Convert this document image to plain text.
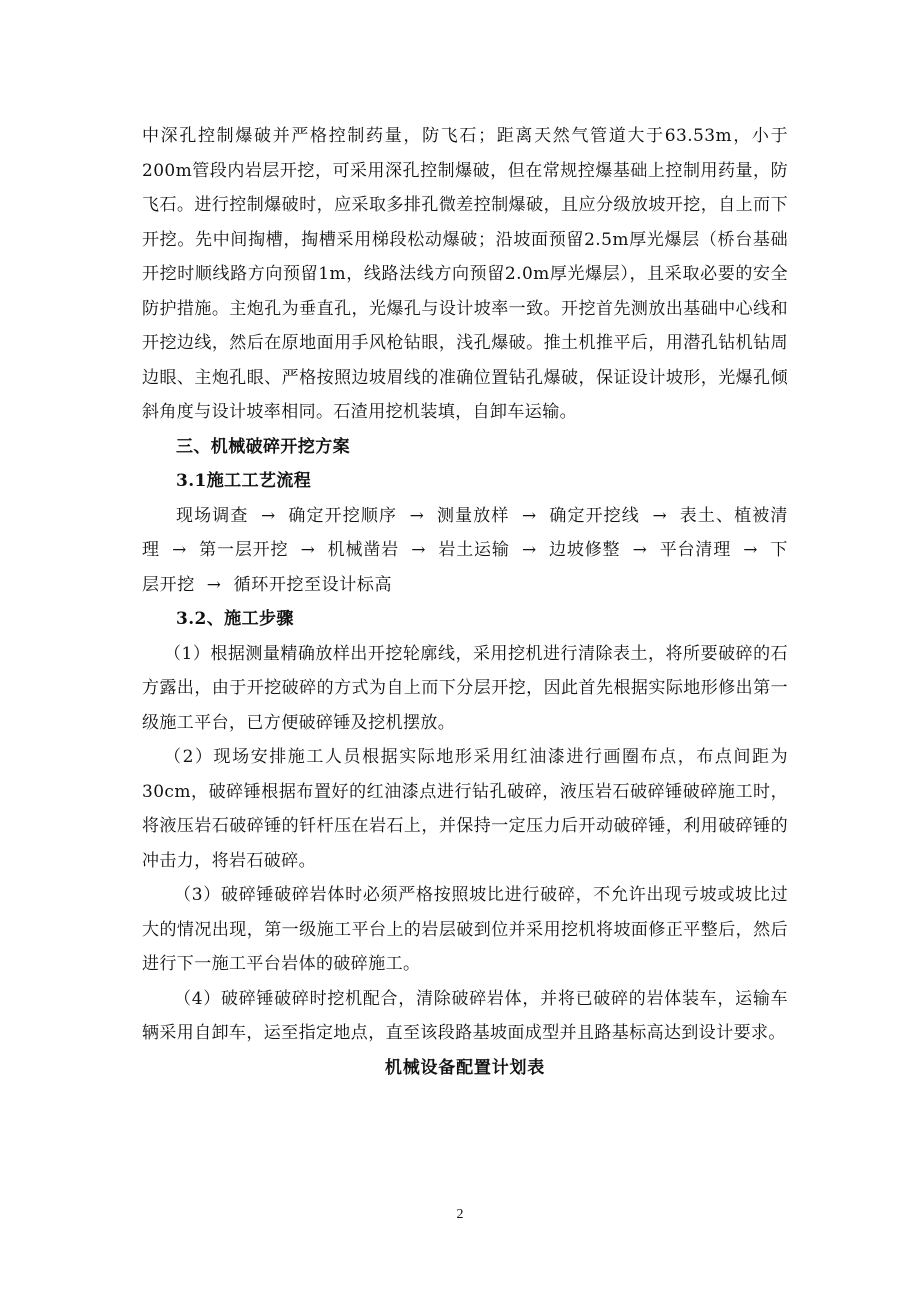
中深孔控制爆破并严格控制药量，防飞石；距离天然气管道大于63.53m，小于200m管段内岩层开挖，可采用深孔控制爆破，但在常规控爆基础上控制用药量，防飞石。进行控制爆破时，应采取多排孔微差控制爆破，且应分级放坡开挖，自上而下开挖。先中间掏槽，掏槽采用梯段松动爆破；沿坡面预留2.5m厚光爆层（桥台基础开挖时顺线路方向预留1m，线路法线方向预留2.0m厚光爆层），且采取必要的安全防护措施。主炮孔为垂直孔，光爆孔与设计坡率一致。开挖首先测放出基础中心线和开挖边线，然后在原地面用手风枪钻眼，浅孔爆破。推土机推平后，用潜孔钻机钻周边眼、主炮孔眼、严格按照边坡眉线的准确位置钻孔爆破，保证设计坡形，光爆孔倾斜角度与设计坡率相同。石渣用挖机装填，自卸车运输。

三、机械破碎开挖方案

3.1施工工艺流程

现场调查 → 确定开挖顺序 → 测量放样 → 确定开挖线 → 表土、植被清理 → 第一层开挖 → 机械凿岩 → 岩土运输 → 边坡修整 → 平台清理 → 下层开挖 → 循环开挖至设计标高

3.2、施工步骤

（1）根据测量精确放样出开挖轮廓线，采用挖机进行清除表土，将所要破碎的石方露出，由于开挖破碎的方式为自上而下分层开挖，因此首先根据实际地形修出第一级施工平台，已方便破碎锤及挖机摆放。

（2）现场安排施工人员根据实际地形采用红油漆进行画圈布点，布点间距为30cm，破碎锤根据布置好的红油漆点进行钻孔破碎，液压岩石破碎锤破碎施工时，将液压岩石破碎锤的钎杆压在岩石上，并保持一定压力后开动破碎锤，利用破碎锤的冲击力，将岩石破碎。

（3）破碎锤破碎岩体时必须严格按照坡比进行破碎，不允许出现亏坡或坡比过大的情况出现，第一级施工平台上的岩层破到位并采用挖机将坡面修正平整后，然后进行下一施工平台岩体的破碎施工。

（4）破碎锤破碎时挖机配合，清除破碎岩体，并将已破碎的岩体装车，运输车辆采用自卸车，运至指定地点，直至该段路基坡面成型并且路基标高达到设计要求。

机械设备配置计划表

2
